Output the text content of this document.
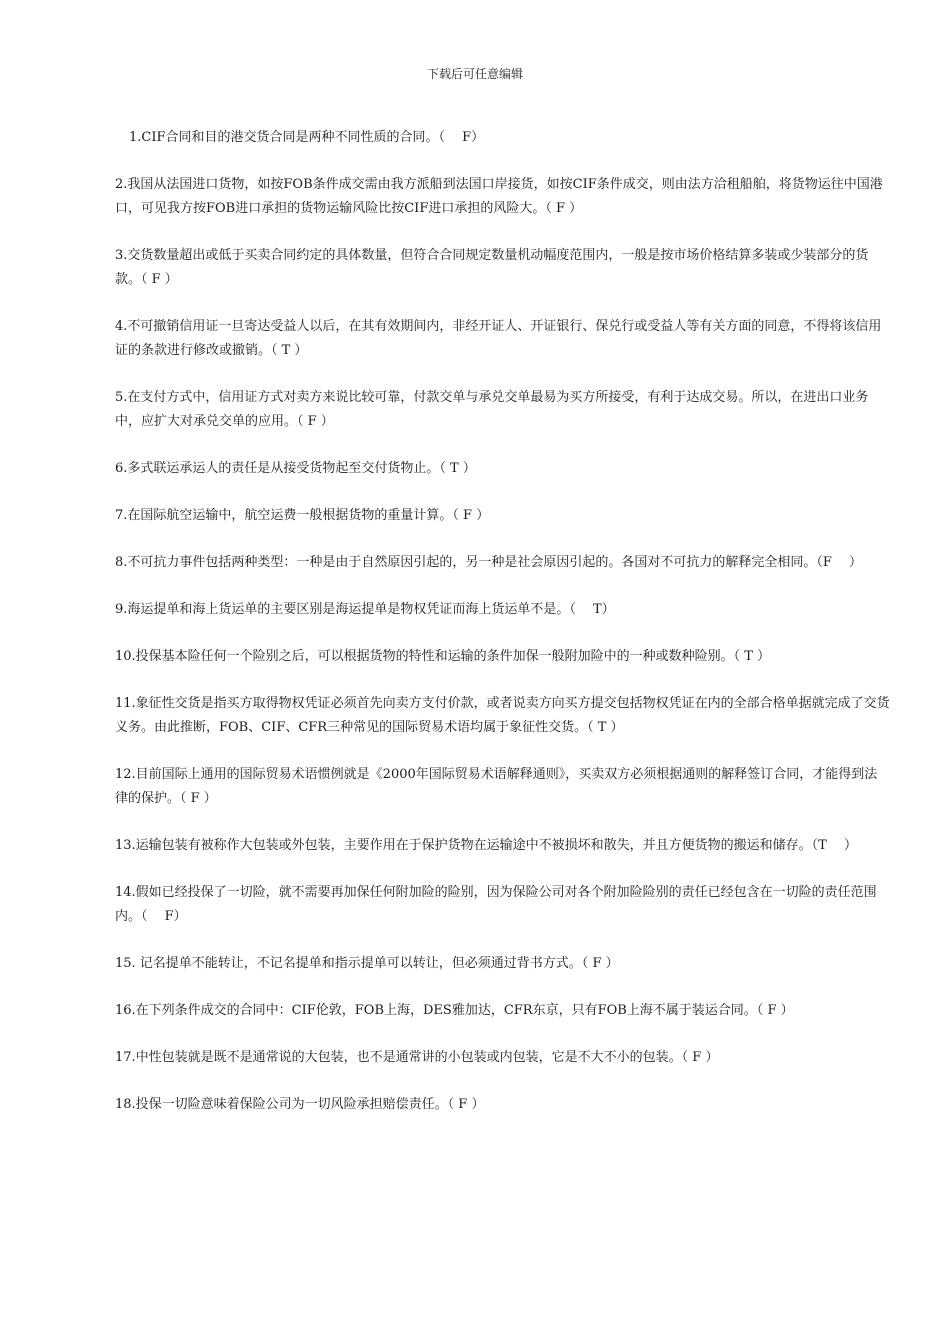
下载后可任意编辑

1.CIF合同和目的港交货合同是两种不同性质的合同。（　 F）

2.我国从法国进口货物，如按FOB条件成交需由我方派船到法国口岸接货，如按CIF条件成交，则由法方洽租船舶，将货物运往中国港口，可见我方按FOB进口承担的货物运输风险比按CIF进口承担的风险大。（ F ）

3.交货数量超出或低于买卖合同约定的具体数量，但符合合同规定数量机动幅度范围内，一般是按市场价格结算多装或少装部分的货款。（ F ）

4.不可撤销信用证一旦寄达受益人以后，在其有效期间内，非经开证人、开证银行、保兑行或受益人等有关方面的同意，不得将该信用证的条款进行修改或撤销。（ T ）

5.在支付方式中，信用证方式对卖方来说比较可靠，付款交单与承兑交单最易为买方所接受，有利于达成交易。所以，在进出口业务中，应扩大对承兑交单的应用。（ F ）

6.多式联运承运人的责任是从接受货物起至交付货物止。（ T ）

7.在国际航空运输中，航空运费一般根据货物的重量计算。（ F ）

8.不可抗力事件包括两种类型：一种是由于自然原因引起的，另一种是社会原因引起的。各国对不可抗力的解释完全相同。（F　 ）

9.海运提单和海上货运单的主要区别是海运提单是物权凭证而海上货运单不是。（　 T）

10.投保基本险任何一个险别之后，可以根据货物的特性和运输的条件加保一般附加险中的一种或数种险别。（ T ）

11.象征性交货是指买方取得物权凭证必须首先向卖方支付价款，或者说卖方向买方提交包括物权凭证在内的全部合格单据就完成了交货义务。由此推断，FOB、CIF、CFR三种常见的国际贸易术语均属于象征性交货。（ T ）

12.目前国际上通用的国际贸易术语惯例就是《2000年国际贸易术语解释通则》，买卖双方必须根据通则的解释签订合同，才能得到法律的保护。（ F ）

13.运输包装有被称作大包装或外包装，主要作用在于保护货物在运输途中不被损坏和散失，并且方便货物的搬运和储存。（T　 ）

14.假如已经投保了一切险，就不需要再加保任何附加险的险别，因为保险公司对各个附加险险别的责任已经包含在一切险的责任范围内。（　 F）

15. 记名提单不能转让，不记名提单和指示提单可以转让，但必须通过背书方式。（ F ）

16.在下列条件成交的合同中：CIF伦敦，FOB上海，DES雅加达，CFR东京，只有FOB上海不属于装运合同。（ F ）

17.中性包装就是既不是通常说的大包装，也不是通常讲的小包装或内包装，它是不大不小的包装。（ F ）

18.投保一切险意味着保险公司为一切风险承担赔偿责任。（ F ）
